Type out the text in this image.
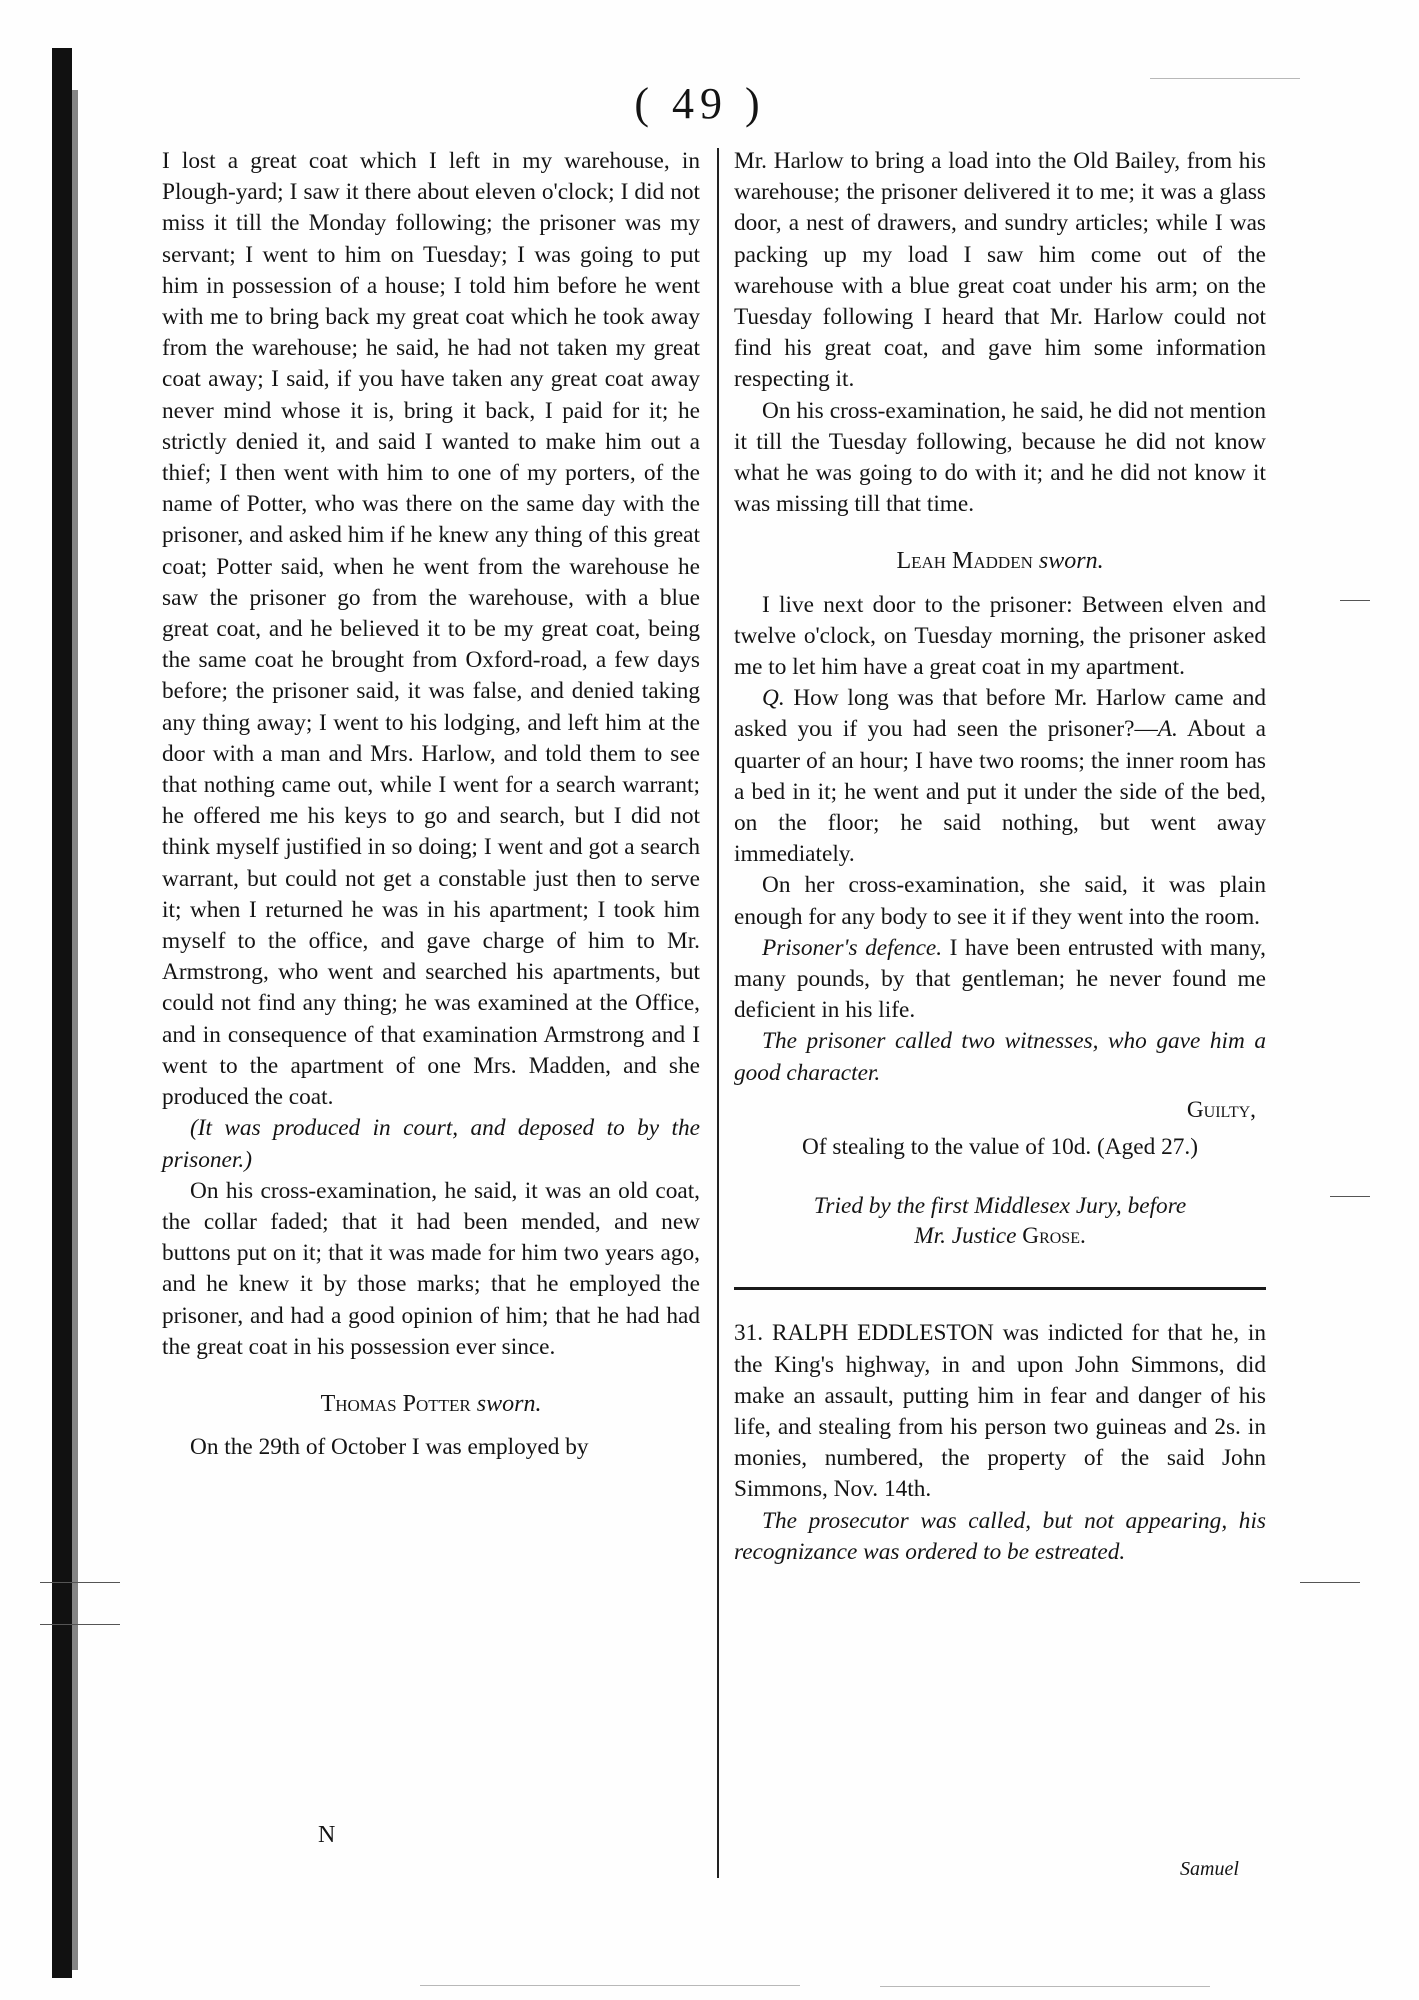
( 49 )

I lost a great coat which I left in my warehouse, in Plough-yard; I saw it there about eleven o'clock; I did not miss it till the Monday following; the prisoner was my servant; I went to him on Tuesday; I was going to put him in possession of a house; I told him before he went with me to bring back my great coat which he took away from the warehouse; he said, he had not taken my great coat away; I said, if you have taken any great coat away never mind whose it is, bring it back, I paid for it; he strictly denied it, and said I wanted to make him out a thief; I then went with him to one of my porters, of the name of Potter, who was there on the same day with the prisoner, and asked him if he knew any thing of this great coat; Potter said, when he went from the warehouse he saw the prisoner go from the warehouse, with a blue great coat, and he believed it to be my great coat, being the same coat he brought from Oxford-road, a few days before; the prisoner said, it was false, and denied taking any thing away; I went to his lodging, and left him at the door with a man and Mrs. Harlow, and told them to see that nothing came out, while I went for a search warrant; he offered me his keys to go and search, but I did not think myself justified in so doing; I went and got a search warrant, but could not get a constable just then to serve it; when I returned he was in his apartment; I took him myself to the office, and gave charge of him to Mr. Armstrong, who went and searched his apartments, but could not find any thing; he was examined at the Office, and in consequence of that examination Armstrong and I went to the apartment of one Mrs. Madden, and she produced the coat.

(It was produced in court, and deposed to by the prisoner.)

On his cross-examination, he said, it was an old coat, the collar faded; that it had been mended, and new buttons put on it; that it was made for him two years ago, and he knew it by those marks; that he employed the prisoner, and had a good opinion of him; that he had had the great coat in his possession ever since.

Thomas Potter sworn.

On the 29th of October I was employed by

Mr. Harlow to bring a load into the Old Bailey, from his warehouse; the prisoner delivered it to me; it was a glass door, a nest of drawers, and sundry articles; while I was packing up my load I saw him come out of the warehouse with a blue great coat under his arm; on the Tuesday following I heard that Mr. Harlow could not find his great coat, and gave him some information respecting it.

On his cross-examination, he said, he did not mention it till the Tuesday following, because he did not know what he was going to do with it; and he did not know it was missing till that time.

Leah Madden sworn.

I live next door to the prisoner: Between elven and twelve o'clock, on Tuesday morning, the prisoner asked me to let him have a great coat in my apartment.

Q. How long was that before Mr. Harlow came and asked you if you had seen the prisoner?—A. About a quarter of an hour; I have two rooms; the inner room has a bed in it; he went and put it under the side of the bed, on the floor; he said nothing, but went away immediately.

On her cross-examination, she said, it was plain enough for any body to see it if they went into the room.

Prisoner's defence. I have been entrusted with many, many pounds, by that gentleman; he never found me deficient in his life.

The prisoner called two witnesses, who gave him a good character.

Guilty,

Of stealing to the value of 10d. (Aged 27.)

Tried by the first Middlesex Jury, before
Mr. Justice Grose.

31. RALPH EDDLESTON was indicted for that he, in the King's highway, in and upon John Simmons, did make an assault, putting him in fear and danger of his life, and stealing from his person two guineas and 2s. in monies, numbered, the property of the said John Simmons, Nov. 14th.

The prosecutor was called, but not appearing, his recognizance was ordered to be estreated.

N
Samuel
